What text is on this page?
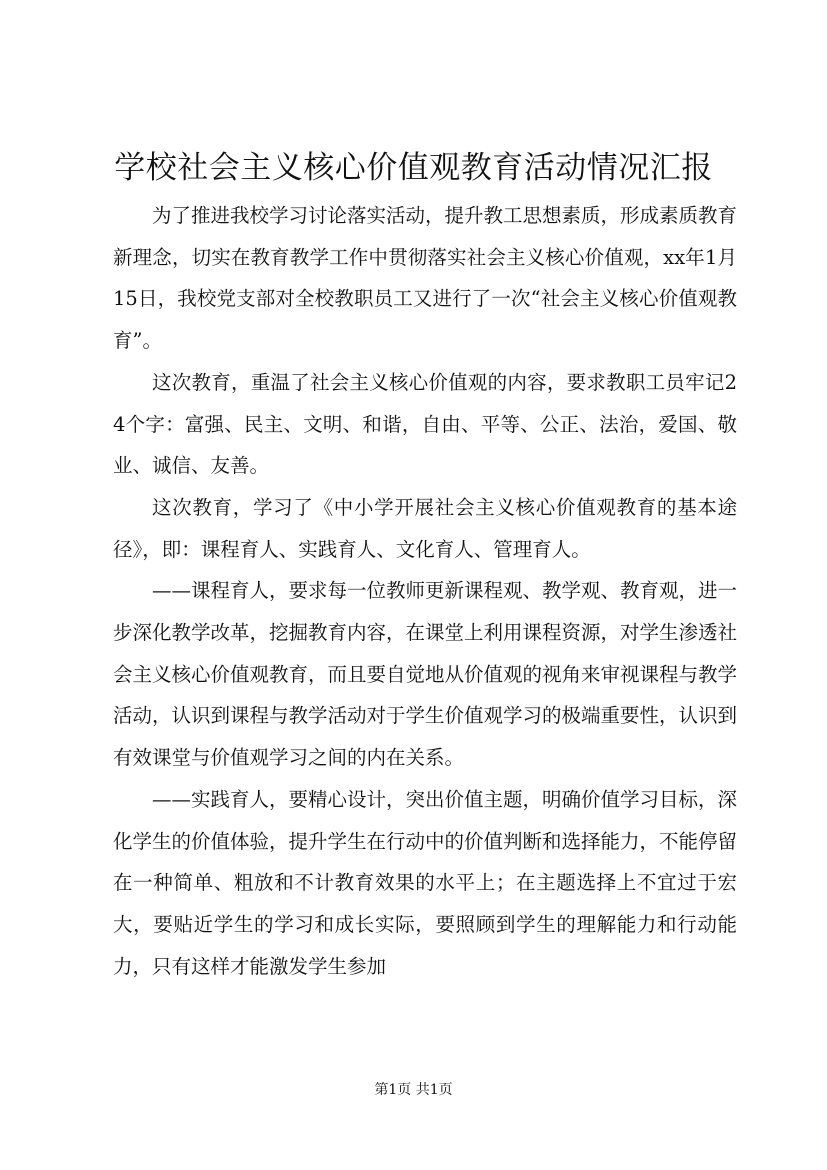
学校社会主义核心价值观教育活动情况汇报

为了推进我校学习讨论落实活动，提升教工思想素质，形成素质教育新理念，切实在教育教学工作中贯彻落实社会主义核心价值观，xx年1月15日，我校党支部对全校教职员工又进行了一次“社会主义核心价值观教育”。

这次教育，重温了社会主义核心价值观的内容，要求教职工员牢记24个字：富强、民主、文明、和谐，自由、平等、公正、法治，爱国、敬业、诚信、友善。

这次教育，学习了《中小学开展社会主义核心价值观教育的基本途径》，即：课程育人、实践育人、文化育人、管理育人。

——课程育人，要求每一位教师更新课程观、教学观、教育观，进一步深化教学改革，挖掘教育内容，在课堂上利用课程资源，对学生渗透社会主义核心价值观教育，而且要自觉地从价值观的视角来审视课程与教学活动，认识到课程与教学活动对于学生价值观学习的极端重要性，认识到有效课堂与价值观学习之间的内在关系。

——实践育人，要精心设计，突出价值主题，明确价值学习目标，深化学生的价值体验，提升学生在行动中的价值判断和选择能力，不能停留在一种简单、粗放和不计教育效果的水平上；在主题选择上不宜过于宏大，要贴近学生的学习和成长实际，要照顾到学生的理解能力和行动能力，只有这样才能激发学生参加

第1页 共1页
